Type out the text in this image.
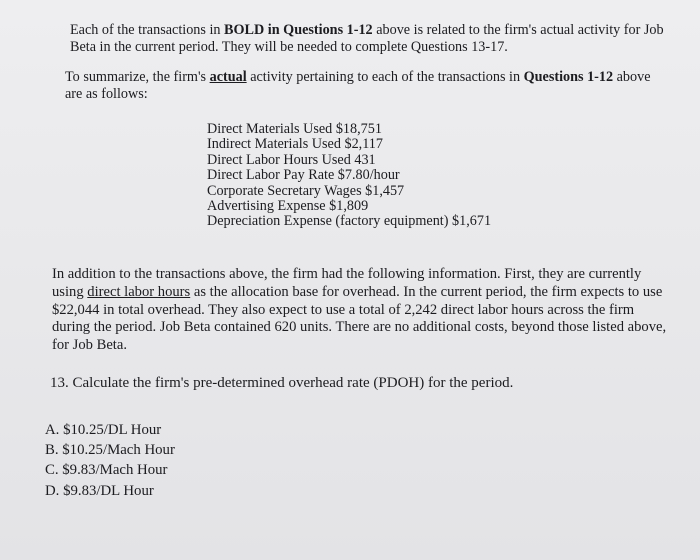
Each of the transactions in BOLD in Questions 1-12 above is related to the firm's actual activity for Job Beta in the current period. They will be needed to complete Questions 13-17.

To summarize, the firm's actual activity pertaining to each of the transactions in Questions 1-12 above are as follows:

Direct Materials Used $18,751
Indirect Materials Used $2,117
Direct Labor Hours Used 431
Direct Labor Pay Rate $7.80/hour
Corporate Secretary Wages $1,457
Advertising Expense $1,809
Depreciation Expense (factory equipment) $1,671

In addition to the transactions above, the firm had the following information. First, they are currently using direct labor hours as the allocation base for overhead. In the current period, the firm expects to use $22,044 in total overhead. They also expect to use a total of 2,242 direct labor hours across the firm during the period. Job Beta contained 620 units. There are no additional costs, beyond those listed above, for Job Beta.

13. Calculate the firm's pre-determined overhead rate (PDOH) for the period.
A. $10.25/DL Hour
B. $10.25/Mach Hour
C. $9.83/Mach Hour
D. $9.83/DL Hour
